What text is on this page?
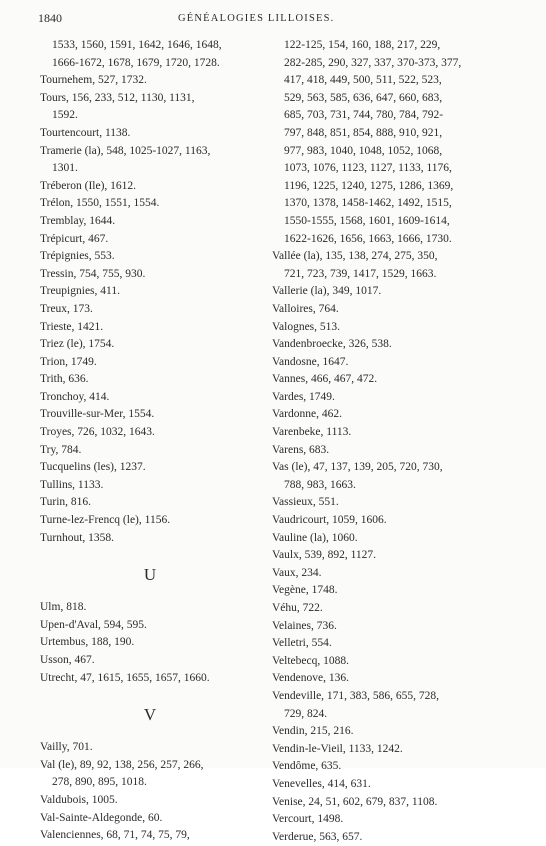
1840	GÉNÉALOGIES LILLOISES.
1533, 1560, 1591, 1642, 1646, 1648,
1666-1672, 1678, 1679, 1720, 1728.
Tournehem, 527, 1732.
Tours, 156, 233, 512, 1130, 1131,
1592.
Tourtencourt, 1138.
Tramerie (la), 548, 1025-1027, 1163,
1301.
Tréberon (Ile), 1612.
Trélon, 1550, 1551, 1554.
Tremblay, 1644.
Trépicurt, 467.
Trépignies, 553.
Tressin, 754, 755, 930.
Treupignies, 411.
Treux, 173.
Trieste, 1421.
Triez (le), 1754.
Trion, 1749.
Trith, 636.
Tronchoy, 414.
Trouville-sur-Mer, 1554.
Troyes, 726, 1032, 1643.
Try, 784.
Tucquelins (les), 1237.
Tullins, 1133.
Turin, 816.
Turne-lez-Frencq (le), 1156.
Turnhout, 1358.
U
Ulm, 818.
Upen-d'Aval, 594, 595.
Urtembus, 188, 190.
Usson, 467.
Utrecht, 47, 1615, 1655, 1657, 1660.
V
Vailly, 701.
Val (le), 89, 92, 138, 256, 257, 266,
278, 890, 895, 1018.
Valdubois, 1005.
Val-Sainte-Aldegonde, 60.
Valenciennes, 68, 71, 74, 75, 79,
122-125, 154, 160, 188, 217, 229,
282-285, 290, 327, 337, 370-373, 377,
417, 418, 449, 500, 511, 522, 523,
529, 563, 585, 636, 647, 660, 683,
685, 703, 731, 744, 780, 784, 792-
797, 848, 851, 854, 888, 910, 921,
977, 983, 1040, 1048, 1052, 1068,
1073, 1076, 1123, 1127, 1133, 1176,
1196, 1225, 1240, 1275, 1286, 1369,
1370, 1378, 1458-1462, 1492, 1515,
1550-1555, 1568, 1601, 1609-1614,
1622-1626, 1656, 1663, 1666, 1730.
Vallée (la), 135, 138, 274, 275, 350,
721, 723, 739, 1417, 1529, 1663.
Vallerie (la), 349, 1017.
Valloires, 764.
Valognes, 513.
Vandenbroecke, 326, 538.
Vandosne, 1647.
Vannes, 466, 467, 472.
Vardes, 1749.
Vardonne, 462.
Varenbeke, 1113.
Varens, 683.
Vas (le), 47, 137, 139, 205, 720, 730,
788, 983, 1663.
Vassieux, 551.
Vaudricourt, 1059, 1606.
Vauline (la), 1060.
Vaulx, 539, 892, 1127.
Vaux, 234.
Vegène, 1748.
Véhu, 722.
Velaines, 736.
Velletri, 554.
Veltebecq, 1088.
Vendenove, 136.
Vendeville, 171, 383, 586, 655, 728,
729, 824.
Vendin, 215, 216.
Vendin-le-Vieil, 1133, 1242.
Vendôme, 635.
Venevelles, 414, 631.
Venise, 24, 51, 602, 679, 837, 1108.
Vercourt, 1498.
Verderue, 563, 657.
